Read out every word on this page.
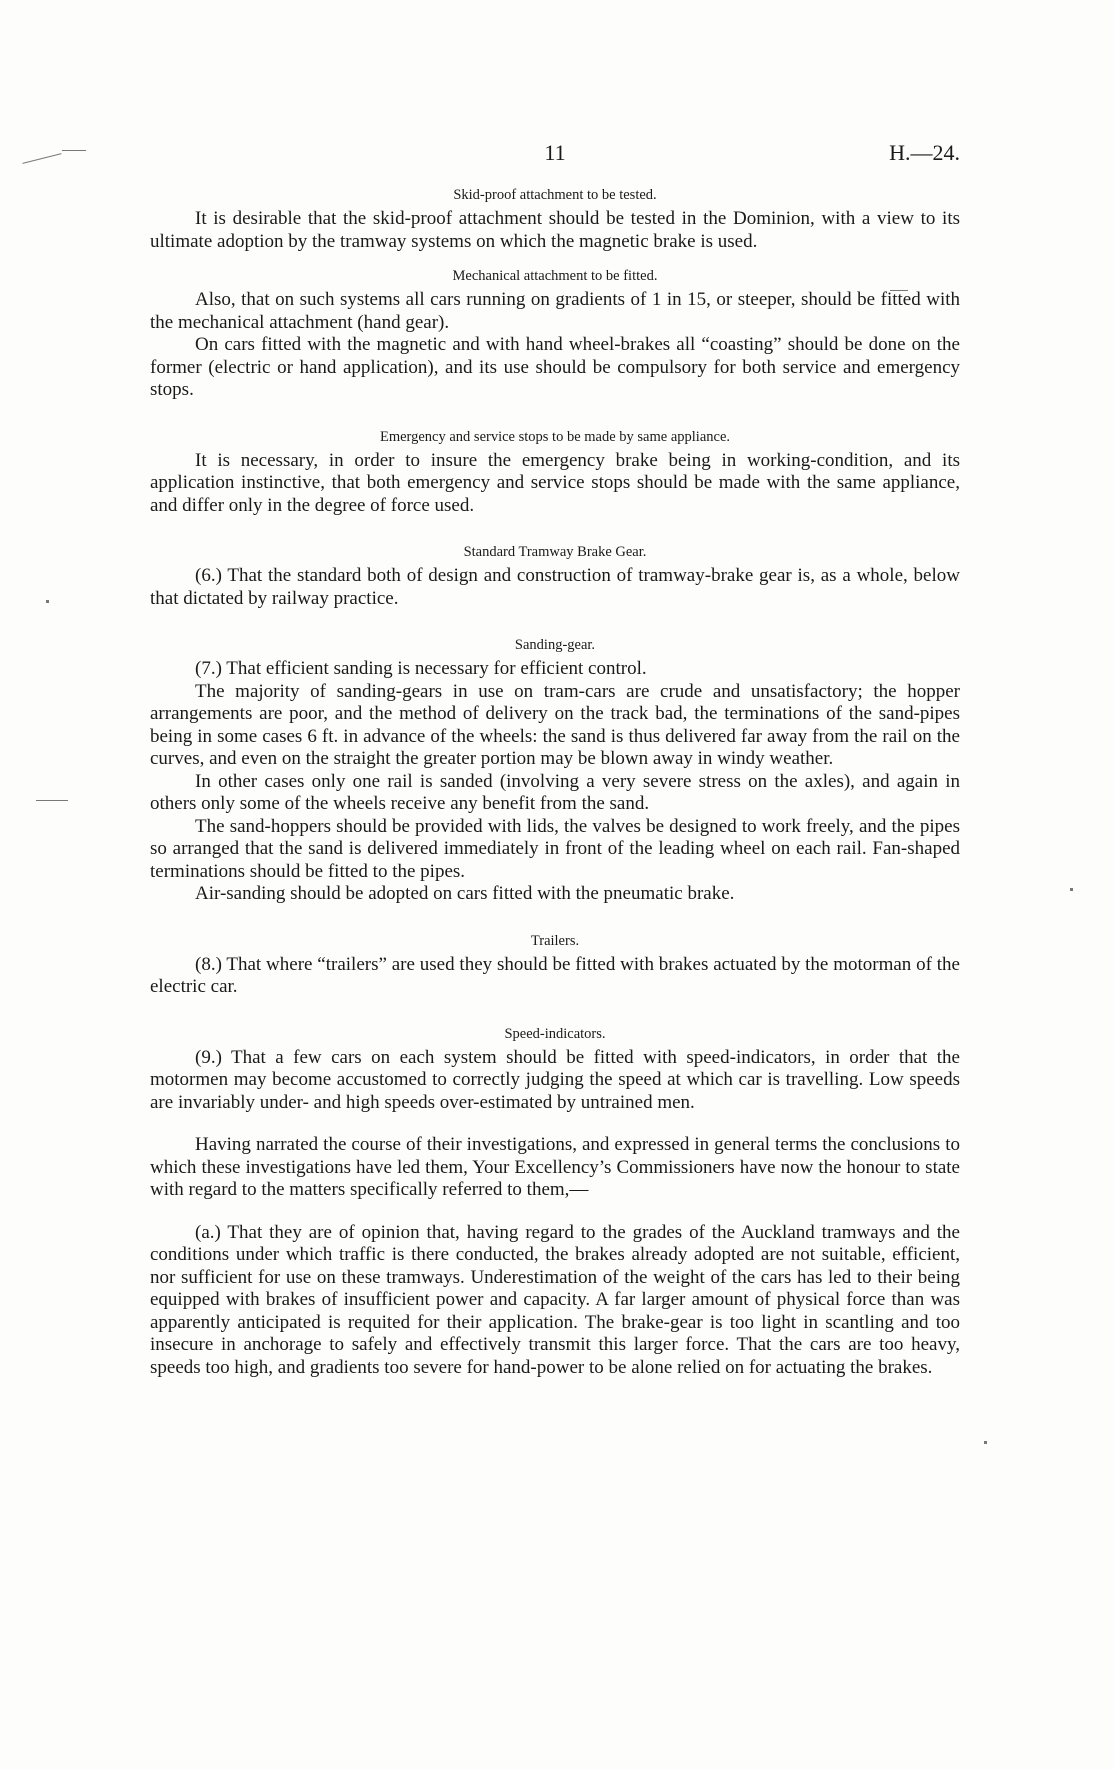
11	H.—24.
Skid-proof attachment to be tested.

It is desirable that the skid-proof attachment should be tested in the Dominion, with a view to its ultimate adoption by the tramway systems on which the magnetic brake is used.

Mechanical attachment to be fitted.

Also, that on such systems all cars running on gradients of 1 in 15, or steeper, should be fitted with the mechanical attachment (hand gear).

On cars fitted with the magnetic and with hand wheel-brakes all “coasting” should be done on the former (electric or hand application), and its use should be compulsory for both service and emergency stops.

Emergency and service stops to be made by same appliance.

It is necessary, in order to insure the emergency brake being in working-condition, and its application instinctive, that both emergency and service stops should be made with the same appliance, and differ only in the degree of force used.

Standard Tramway Brake Gear.

(6.) That the standard both of design and construction of tramway-brake gear is, as a whole, below that dictated by railway practice.

Sanding-gear.

(7.) That efficient sanding is necessary for efficient control.

The majority of sanding-gears in use on tram-cars are crude and unsatisfactory; the hopper arrangements are poor, and the method of delivery on the track bad, the terminations of the sand-pipes being in some cases 6 ft. in advance of the wheels: the sand is thus delivered far away from the rail on the curves, and even on the straight the greater portion may be blown away in windy weather.

In other cases only one rail is sanded (involving a very severe stress on the axles), and again in others only some of the wheels receive any benefit from the sand.

The sand-hoppers should be provided with lids, the valves be designed to work freely, and the pipes so arranged that the sand is delivered immediately in front of the leading wheel on each rail. Fan-shaped terminations should be fitted to the pipes.

Air-sanding should be adopted on cars fitted with the pneumatic brake.

Trailers.

(8.) That where “trailers” are used they should be fitted with brakes actuated by the motorman of the electric car.

Speed-indicators.

(9.) That a few cars on each system should be fitted with speed-indicators, in order that the motormen may become accustomed to correctly judging the speed at which car is travelling. Low speeds are invariably under- and high speeds over-estimated by untrained men.

Having narrated the course of their investigations, and expressed in general terms the conclusions to which these investigations have led them, Your Excellency’s Commissioners have now the honour to state with regard to the matters specifically referred to them,—

(a.) That they are of opinion that, having regard to the grades of the Auckland tramways and the conditions under which traffic is there conducted, the brakes already adopted are not suitable, efficient, nor sufficient for use on these tramways. Underestimation of the weight of the cars has led to their being equipped with brakes of insufficient power and capacity. A far larger amount of physical force than was apparently anticipated is requited for their application. The brake-gear is too light in scantling and too insecure in anchorage to safely and effectively transmit this larger force. That the cars are too heavy, speeds too high, and gradients too severe for hand-power to be alone relied on for actuating the brakes.
